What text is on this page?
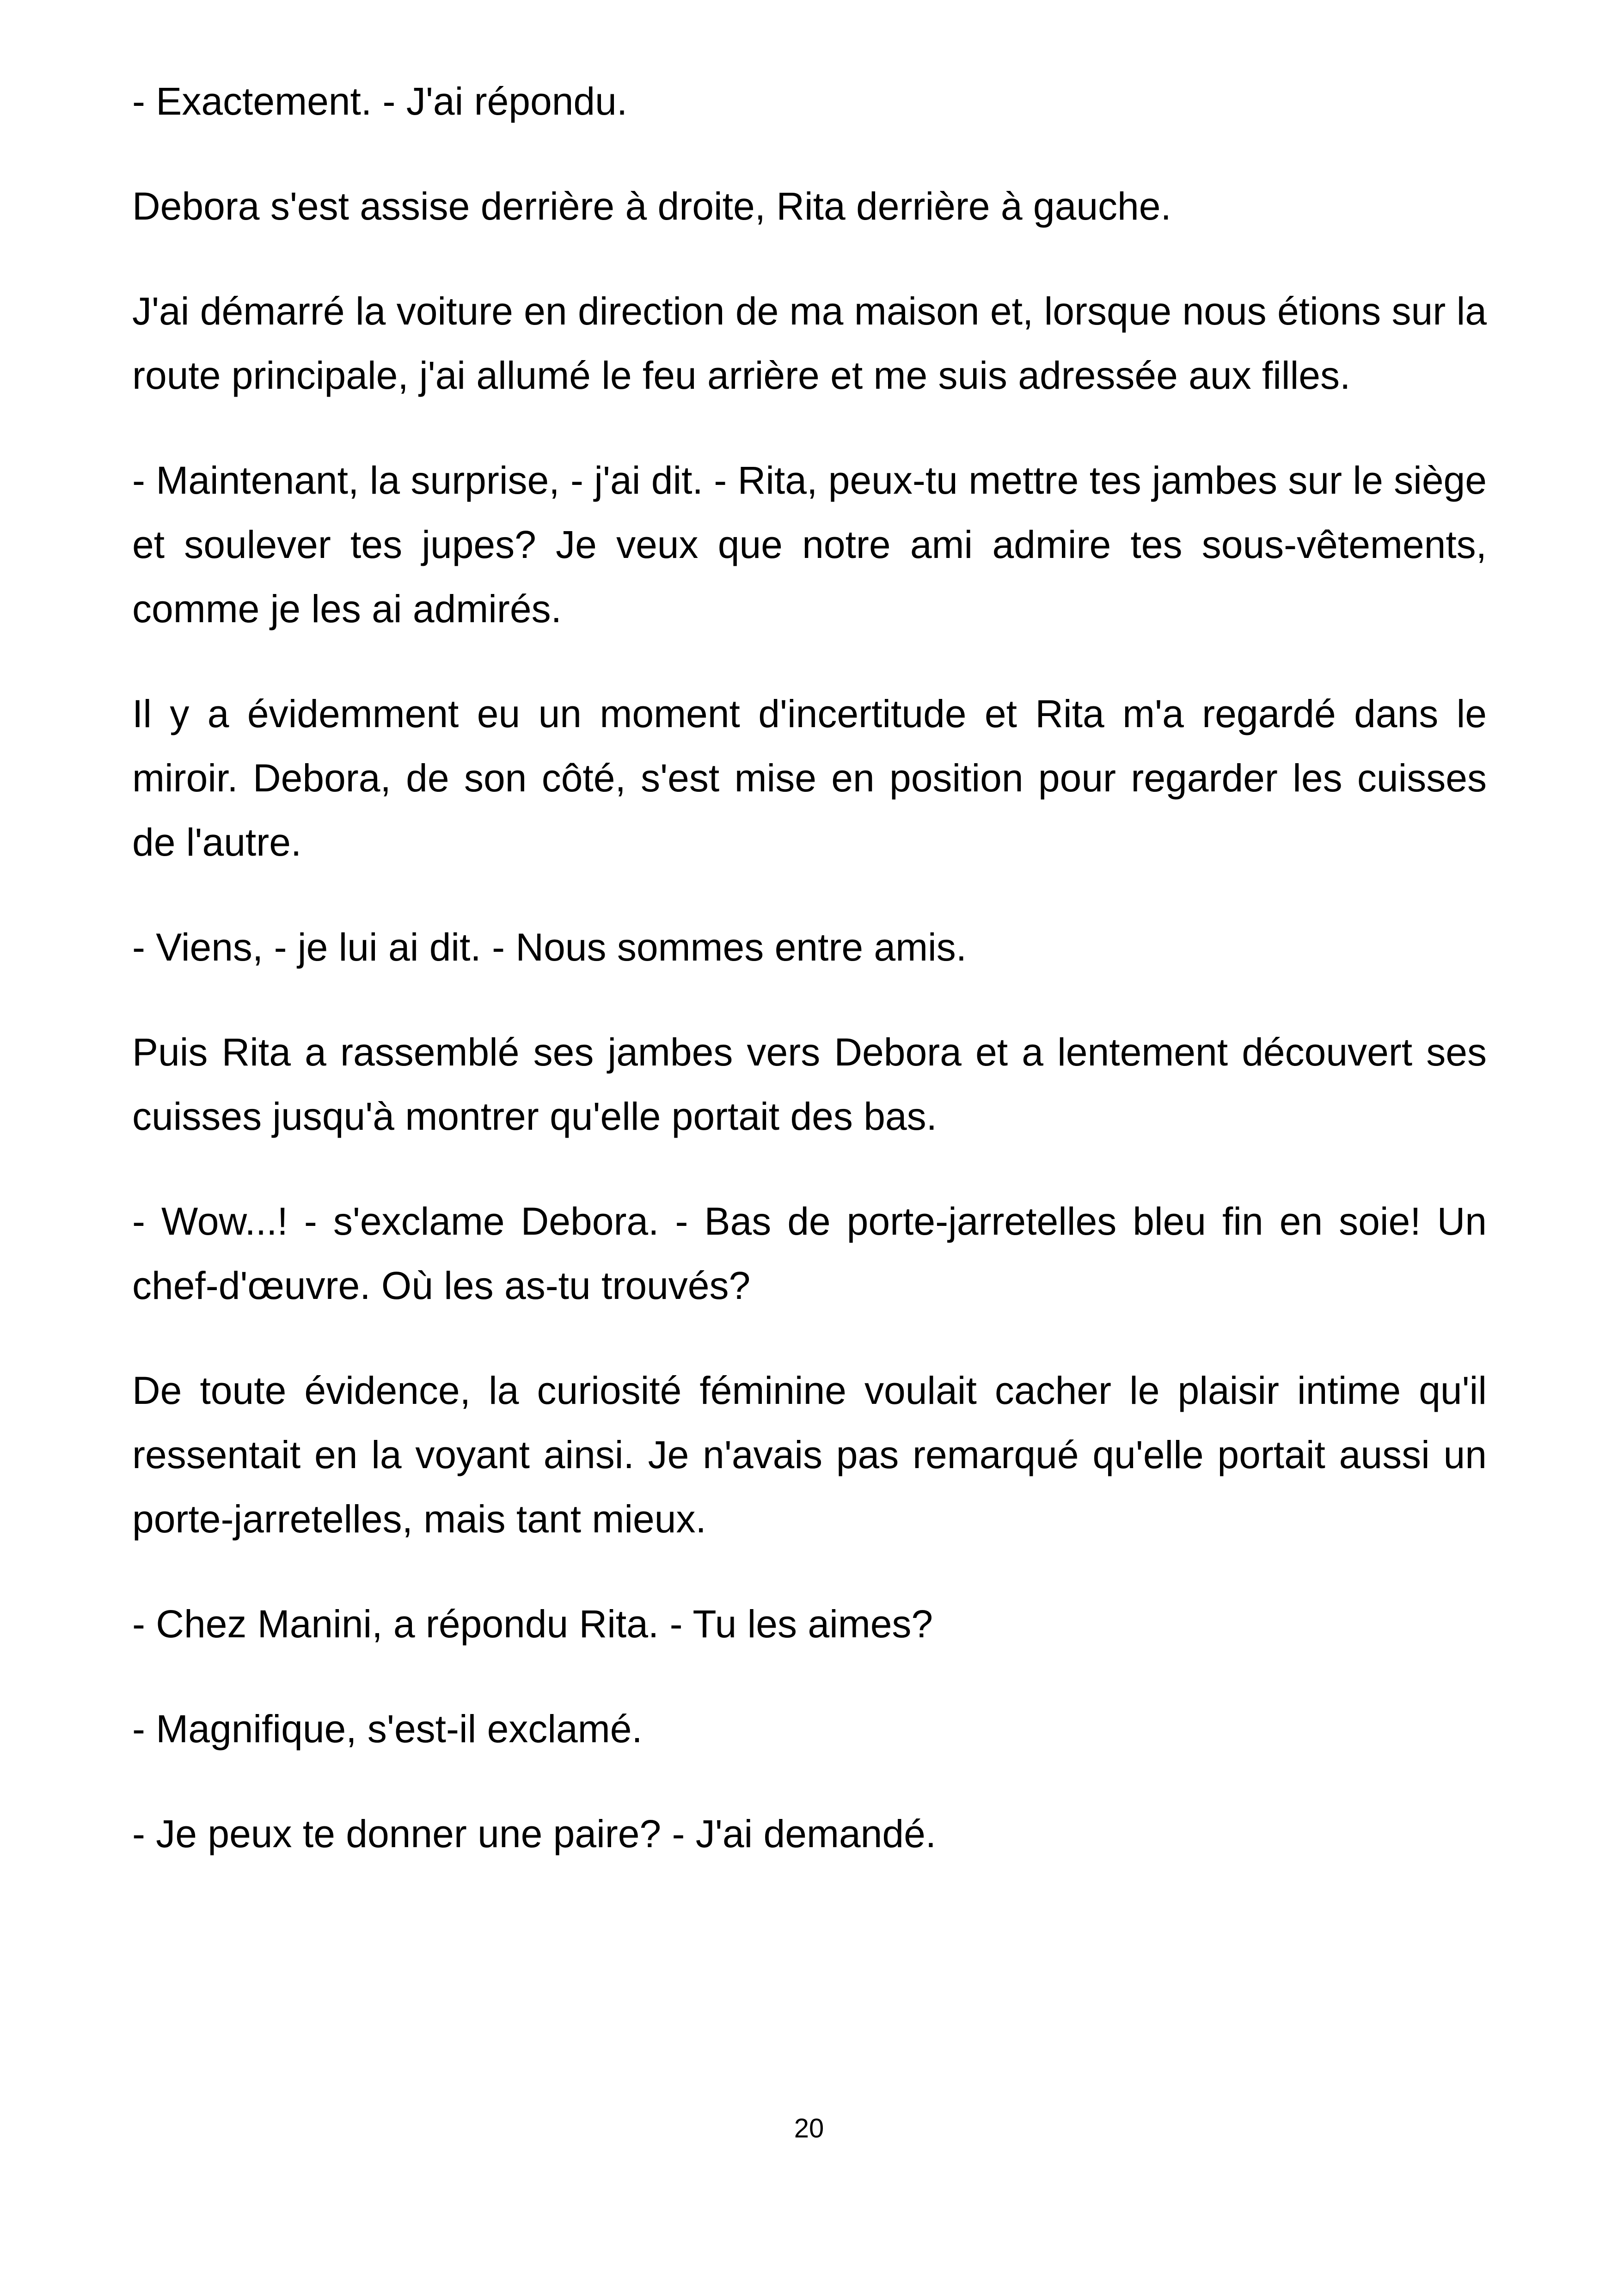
- Exactement. - J'ai répondu.

Debora s'est assise derrière à droite, Rita derrière à gauche.

J'ai démarré la voiture en direction de ma maison et, lorsque nous étions sur la route principale, j'ai allumé le feu arrière et me suis adressée aux filles.

- Maintenant, la surprise, - j'ai dit. - Rita, peux-tu mettre tes jambes sur le siège et soulever tes jupes? Je veux que notre ami admire tes sous-vêtements, comme je les ai admirés.

Il y a évidemment eu un moment d'incertitude et Rita m'a regardé dans le miroir. Debora, de son côté, s'est mise en position pour regarder les cuisses de l'autre.

- Viens, - je lui ai dit. - Nous sommes entre amis.

Puis Rita a rassemblé ses jambes vers Debora et a lentement découvert ses cuisses jusqu'à montrer qu'elle portait des bas.

- Wow...! - s'exclame Debora. - Bas de porte-jarretelles bleu fin en soie! Un chef-d'œuvre. Où les as-tu trouvés?

De toute évidence, la curiosité féminine voulait cacher le plaisir intime qu'il ressentait en la voyant ainsi. Je n'avais pas remarqué qu'elle portait aussi un porte-jarretelles, mais tant mieux.

- Chez Manini, a répondu Rita. - Tu les aimes?

- Magnifique, s'est-il exclamé.

- Je peux te donner une paire? - J'ai demandé.

20
